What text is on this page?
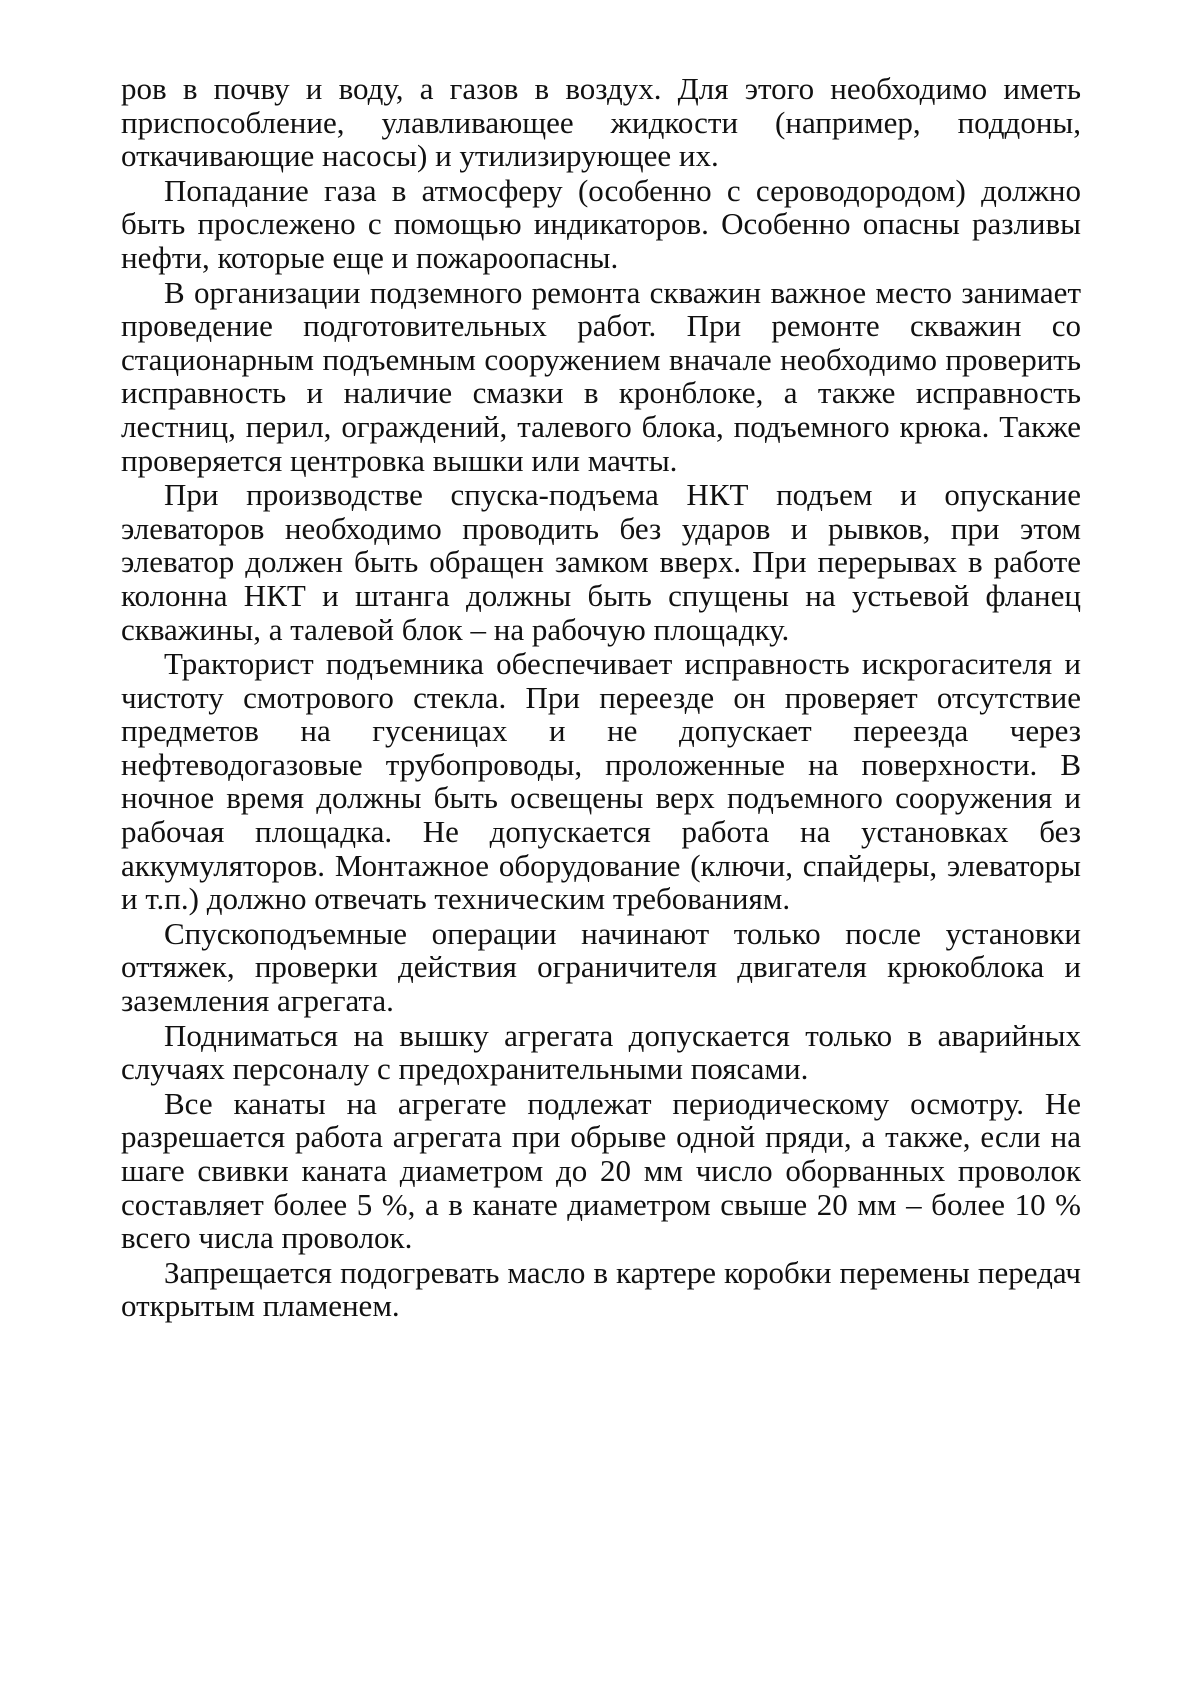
ров в почву и воду, а газов в воздух. Для этого необходимо иметь приспособление, улавливающее жидкости (например, поддоны, откачивающие насосы) и утилизирующее их.

Попадание газа в атмосферу (особенно с сероводородом) должно быть прослежено с помощью индикаторов. Особенно опасны разливы нефти, которые еще и пожароопасны.

В организации подземного ремонта скважин важное место занимает проведение подготовительных работ. При ремонте скважин со стационарным подъемным сооружением вначале необходимо проверить исправность и наличие смазки в кронблоке, а также исправность лестниц, перил, ограждений, талевого блока, подъемного крюка. Также проверяется центровка вышки или мачты.

При производстве спуска-подъема НКТ подъем и опускание элеваторов необходимо проводить без ударов и рывков, при этом элеватор должен быть обращен замком вверх. При перерывах в работе колонна НКТ и штанга должны быть спущены на устьевой фланец скважины, а талевой блок – на рабочую площадку.

Тракторист подъемника обеспечивает исправность искрогасителя и чистоту смотрового стекла. При переезде он проверяет отсутствие предметов на гусеницах и не допускает переезда через нефтеводогазовые трубопроводы, проложенные на поверхности. В ночное время должны быть освещены верх подъемного сооружения и рабочая площадка. Не допускается работа на установках без аккумуляторов. Монтажное оборудование (ключи, спайдеры, элеваторы и т.п.) должно отвечать техническим требованиям.

Спускоподъемные операции начинают только после установки оттяжек, проверки действия ограничителя двигателя крюкоблока и заземления агрегата.

Подниматься на вышку агрегата допускается только в аварийных случаях персоналу с предохранительными поясами.

Все канаты на агрегате подлежат периодическому осмотру. Не разрешается работа агрегата при обрыве одной пряди, а также, если на шаге свивки каната диаметром до 20 мм число оборванных проволок составляет более 5 %, а в канате диаметром свыше 20 мм – более 10 % всего числа проволок.

Запрещается подогревать масло в картере коробки перемены передач открытым пламенем.
